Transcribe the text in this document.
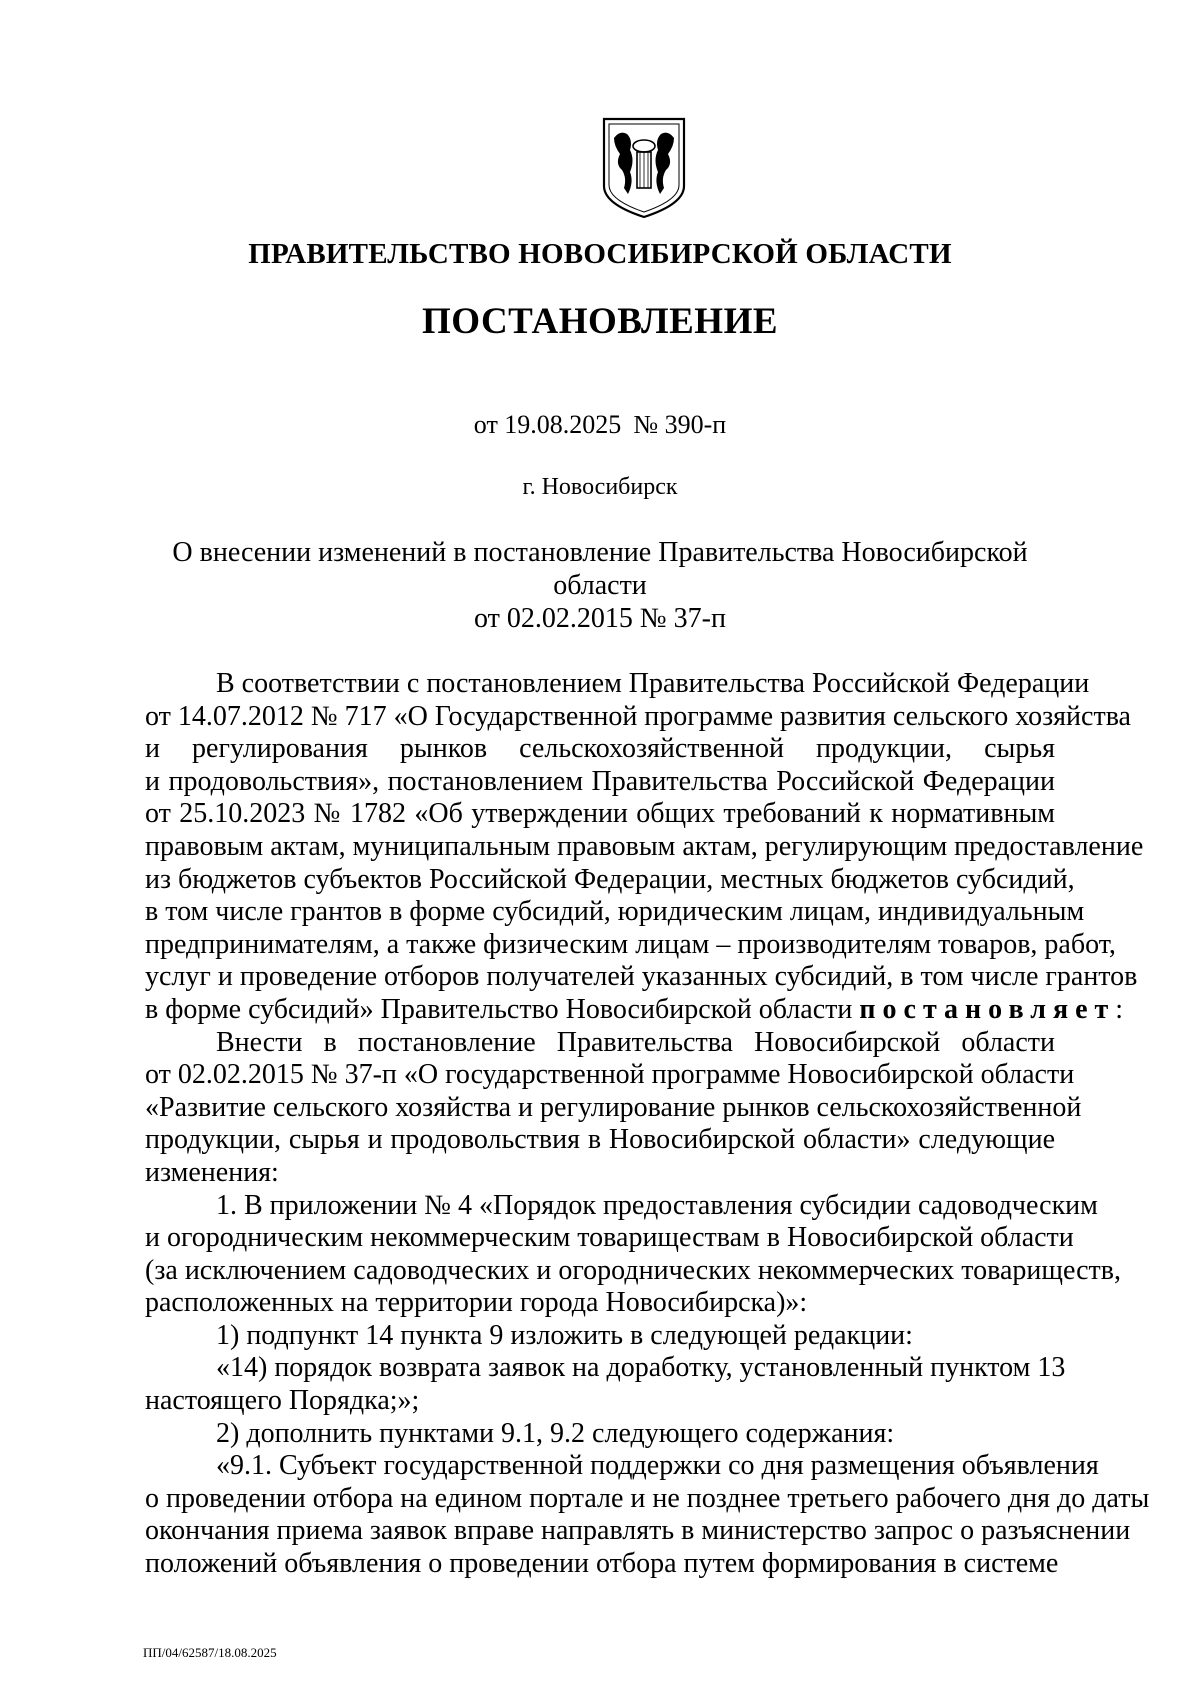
ПРАВИТЕЛЬСТВО НОВОСИБИРСКОЙ ОБЛАСТИ
ПОСТАНОВЛЕНИЕ
от 19.08.2025 № 390-п
г. Новосибирск
О внесении изменений в постановление Правительства Новосибирской области
от 02.02.2015 № 37-п
В соответствии с постановлением Правительства Российской Федерации
от 14.07.2012 № 717 «О Государственной программе развития сельского хозяйства
и регулирования рынков сельскохозяйственной продукции, сырья
и продовольствия», постановлением Правительства Российской Федерации
от 25.10.2023 № 1782 «Об утверждении общих требований к нормативным
правовым актам, муниципальным правовым актам, регулирующим предоставление
из бюджетов субъектов Российской Федерации, местных бюджетов субсидий,
в том числе грантов в форме субсидий, юридическим лицам, индивидуальным
предпринимателям, а также физическим лицам – производителям товаров, работ,
услуг и проведение отборов получателей указанных субсидий, в том числе грантов
в форме субсидий» Правительство Новосибирской области постановляет:
Внести в постановление Правительства Новосибирской области
от 02.02.2015 № 37-п «О государственной программе Новосибирской области
«Развитие сельского хозяйства и регулирование рынков сельскохозяйственной
продукции, сырья и продовольствия в Новосибирской области» следующие
изменения:
1. В приложении № 4 «Порядок предоставления субсидии садоводческим
и огородническим некоммерческим товариществам в Новосибирской области
(за исключением садоводческих и огороднических некоммерческих товариществ,
расположенных на территории города Новосибирска)»:
1) подпункт 14 пункта 9 изложить в следующей редакции:
«14) порядок возврата заявок на доработку, установленный пунктом 13
настоящего Порядка;»;
2) дополнить пунктами 9.1, 9.2 следующего содержания:
«9.1. Субъект государственной поддержки со дня размещения объявления
о проведении отбора на едином портале и не позднее третьего рабочего дня до даты
окончания приема заявок вправе направлять в министерство запрос о разъяснении
положений объявления о проведении отбора путем формирования в системе
ПП/04/62587/18.08.2025
